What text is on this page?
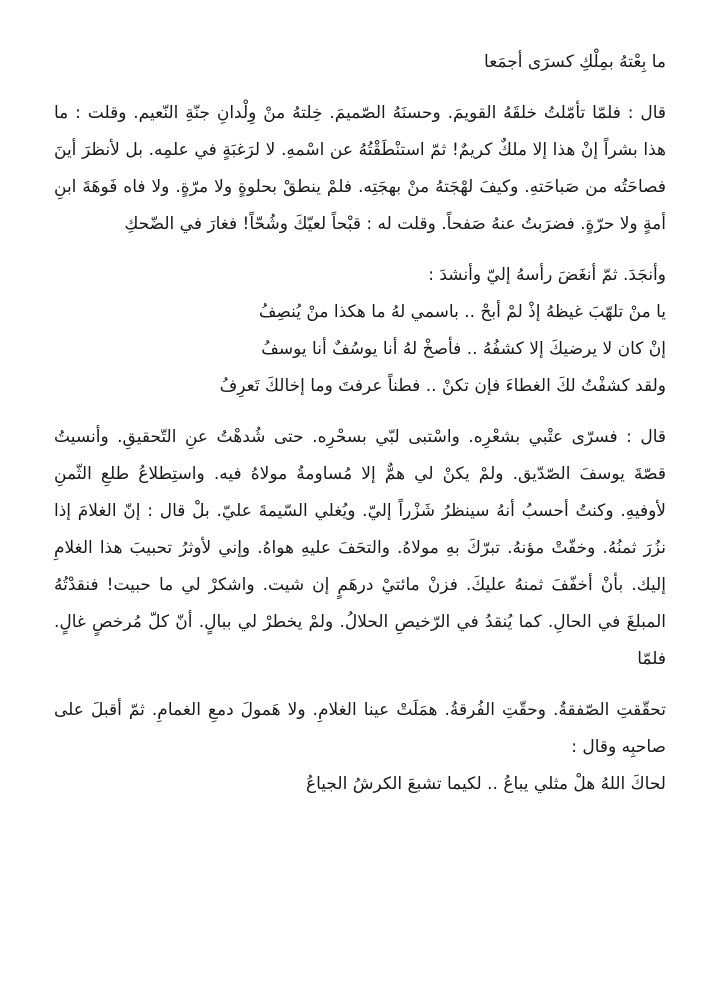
ما بِعْتهُ بمِلْكِ كسرَى أجمَعا

قال : فلمّا تأمّلتُ خلقَهُ القويمَ. وحسنَهُ الصّميمَ. خِلتهُ منْ وِلْدانِ جنّةِ النّعيم. وقلت : ما هذا بشراً إنْ هذا إلا ملكٌ كريمٌ! ثمّ استنْطَقْتُهُ عن اسْمهِ. لا لرَغبَةٍ في علمِه. بل لأنظرَ أينَ فصاحَتُه من صَباحَتهِ. وكيفَ لهْجَتهُ منْ بهجَتِه. فلمْ ينطقْ بحلوةٍ ولا مرّةٍ. ولا فاه فَوهَةَ ابنِ أمةٍ ولا حرّةٍ. فضرَبتُ عنهُ صَفحاً. وقلت له : قبْحاً لعيّكَ وشُحّاً! فغارَ في الضّحكِ

وأنجَدَ. ثمّ أنغَضَ رأسهُ إليّ وأنشدَ :

يا منْ تلهّبَ غيظهُ إذْ لمْ أبحْ .. باسمي لهُ ما هكذا منْ يُنصِفُ

إنْ كان لا يرضيكَ إلا كشفُهُ .. فأصخْ لهُ أنا يوسُفٌ أنا يوسفُ

ولقد كشفْتُ لكَ الغطاءَ فإن تكنْ .. فطناً عرفتَ وما إخالكَ تَعرِفُ

قال : فسرّى عتْبي بشعْرِه. واسْتبى لبّي بسحْرِه. حتى شُدهْتُ عنِ التّحقيقِ. وأنسيتُ قصّةَ يوسفَ الصّدّيق. ولمْ يكنْ لي همٌّ إلا مُساومةُ مولاهُ فيه. واستِطلاعُ طلعِ الثّمنِ لأوفيهِ. وكنتُ أحسبُ أنهُ سينظرُ شَزْراً إليّ. ويُغلي السّيمةَ عليّ. بلْ قال : إنّ الغلامَ إذا نزُرَ ثمنُهُ. وخفّتْ مؤنهُ. تبرّكَ بهِ مولاهُ. والتحَفَ عليهِ هواهُ. وإني لأوثرُ تحبيبَ هذا الغلامِ إليك. بأنْ أخفّفَ ثمنهُ عليكَ. فزنْ مائتيْ درهَمٍ إن شيت. واشكرْ لي ما حبيت! فنقدْتُهُ المبلغَ في الحالِ. كما يُنقدُ في الرّخيصِ الحلالُ. ولمْ يخطرْ لي ببالٍ. أنّ كلّ مُرخصٍ غالٍ. فلمّا

تحقّقتِ الصّفقةُ. وحقّتِ الفُرقةُ. همَلَتْ عينا الغلامِ. ولا هَمولَ دمعِ الغمامِ. ثمّ أقبلَ على صاحبِه وقال :

لحاكَ اللهُ هلْ مثلي يباعُ .. لكيما تشبعَ الكرشُ الجياعُ
